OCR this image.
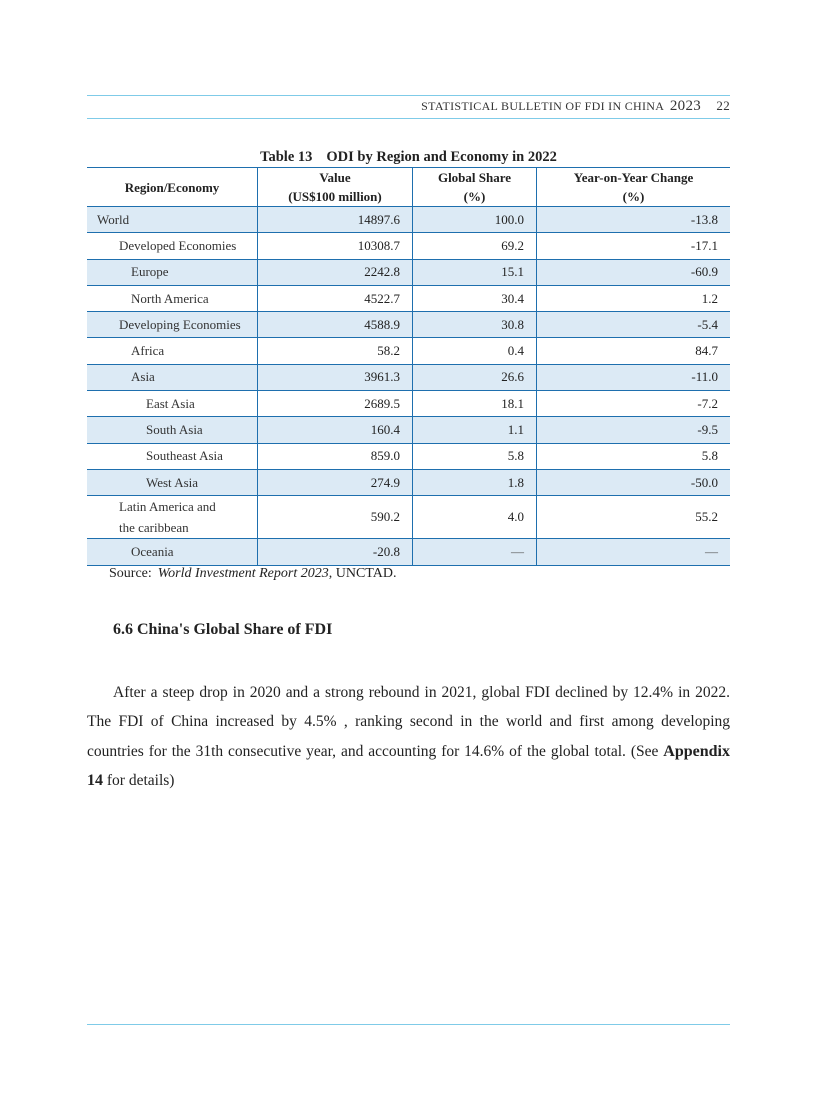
STATISTICAL BULLETIN OF FDI IN CHINA 2023 22
Table 13 ODI by Region and Economy in 2022
Region/Economy	Value	Global Share	Year-on-Year Change
	(US$100 million)	(%)	(%)
World	14897.6	100.0	-13.8
Developed Economies	10308.7	69.2	-17.1
Europe	2242.8	15.1	-60.9
North America	4522.7	30.4	1.2
Developing Economies	4588.9	30.8	-5.4
Africa	58.2	0.4	84.7
Asia	3961.3	26.6	-11.0
East Asia	2689.5	18.1	-7.2
South Asia	160.4	1.1	-9.5
Southeast Asia	859.0	5.8	5.8
West Asia	274.9	1.8	-50.0
Latin America and
the caribbean	590.2	4.0	55.2
Oceania	-20.8	—	—
Source: World Investment Report 2023, UNCTAD.
6.6 China's Global Share of FDI

After a steep drop in 2020 and a strong rebound in 2021, global FDI declined by 12.4% in 2022. The FDI of China increased by 4.5% , ranking second in the world and first among developing countries for the 31th consecutive year, and accounting for 14.6% of the global total. (See Appendix 14 for details)
